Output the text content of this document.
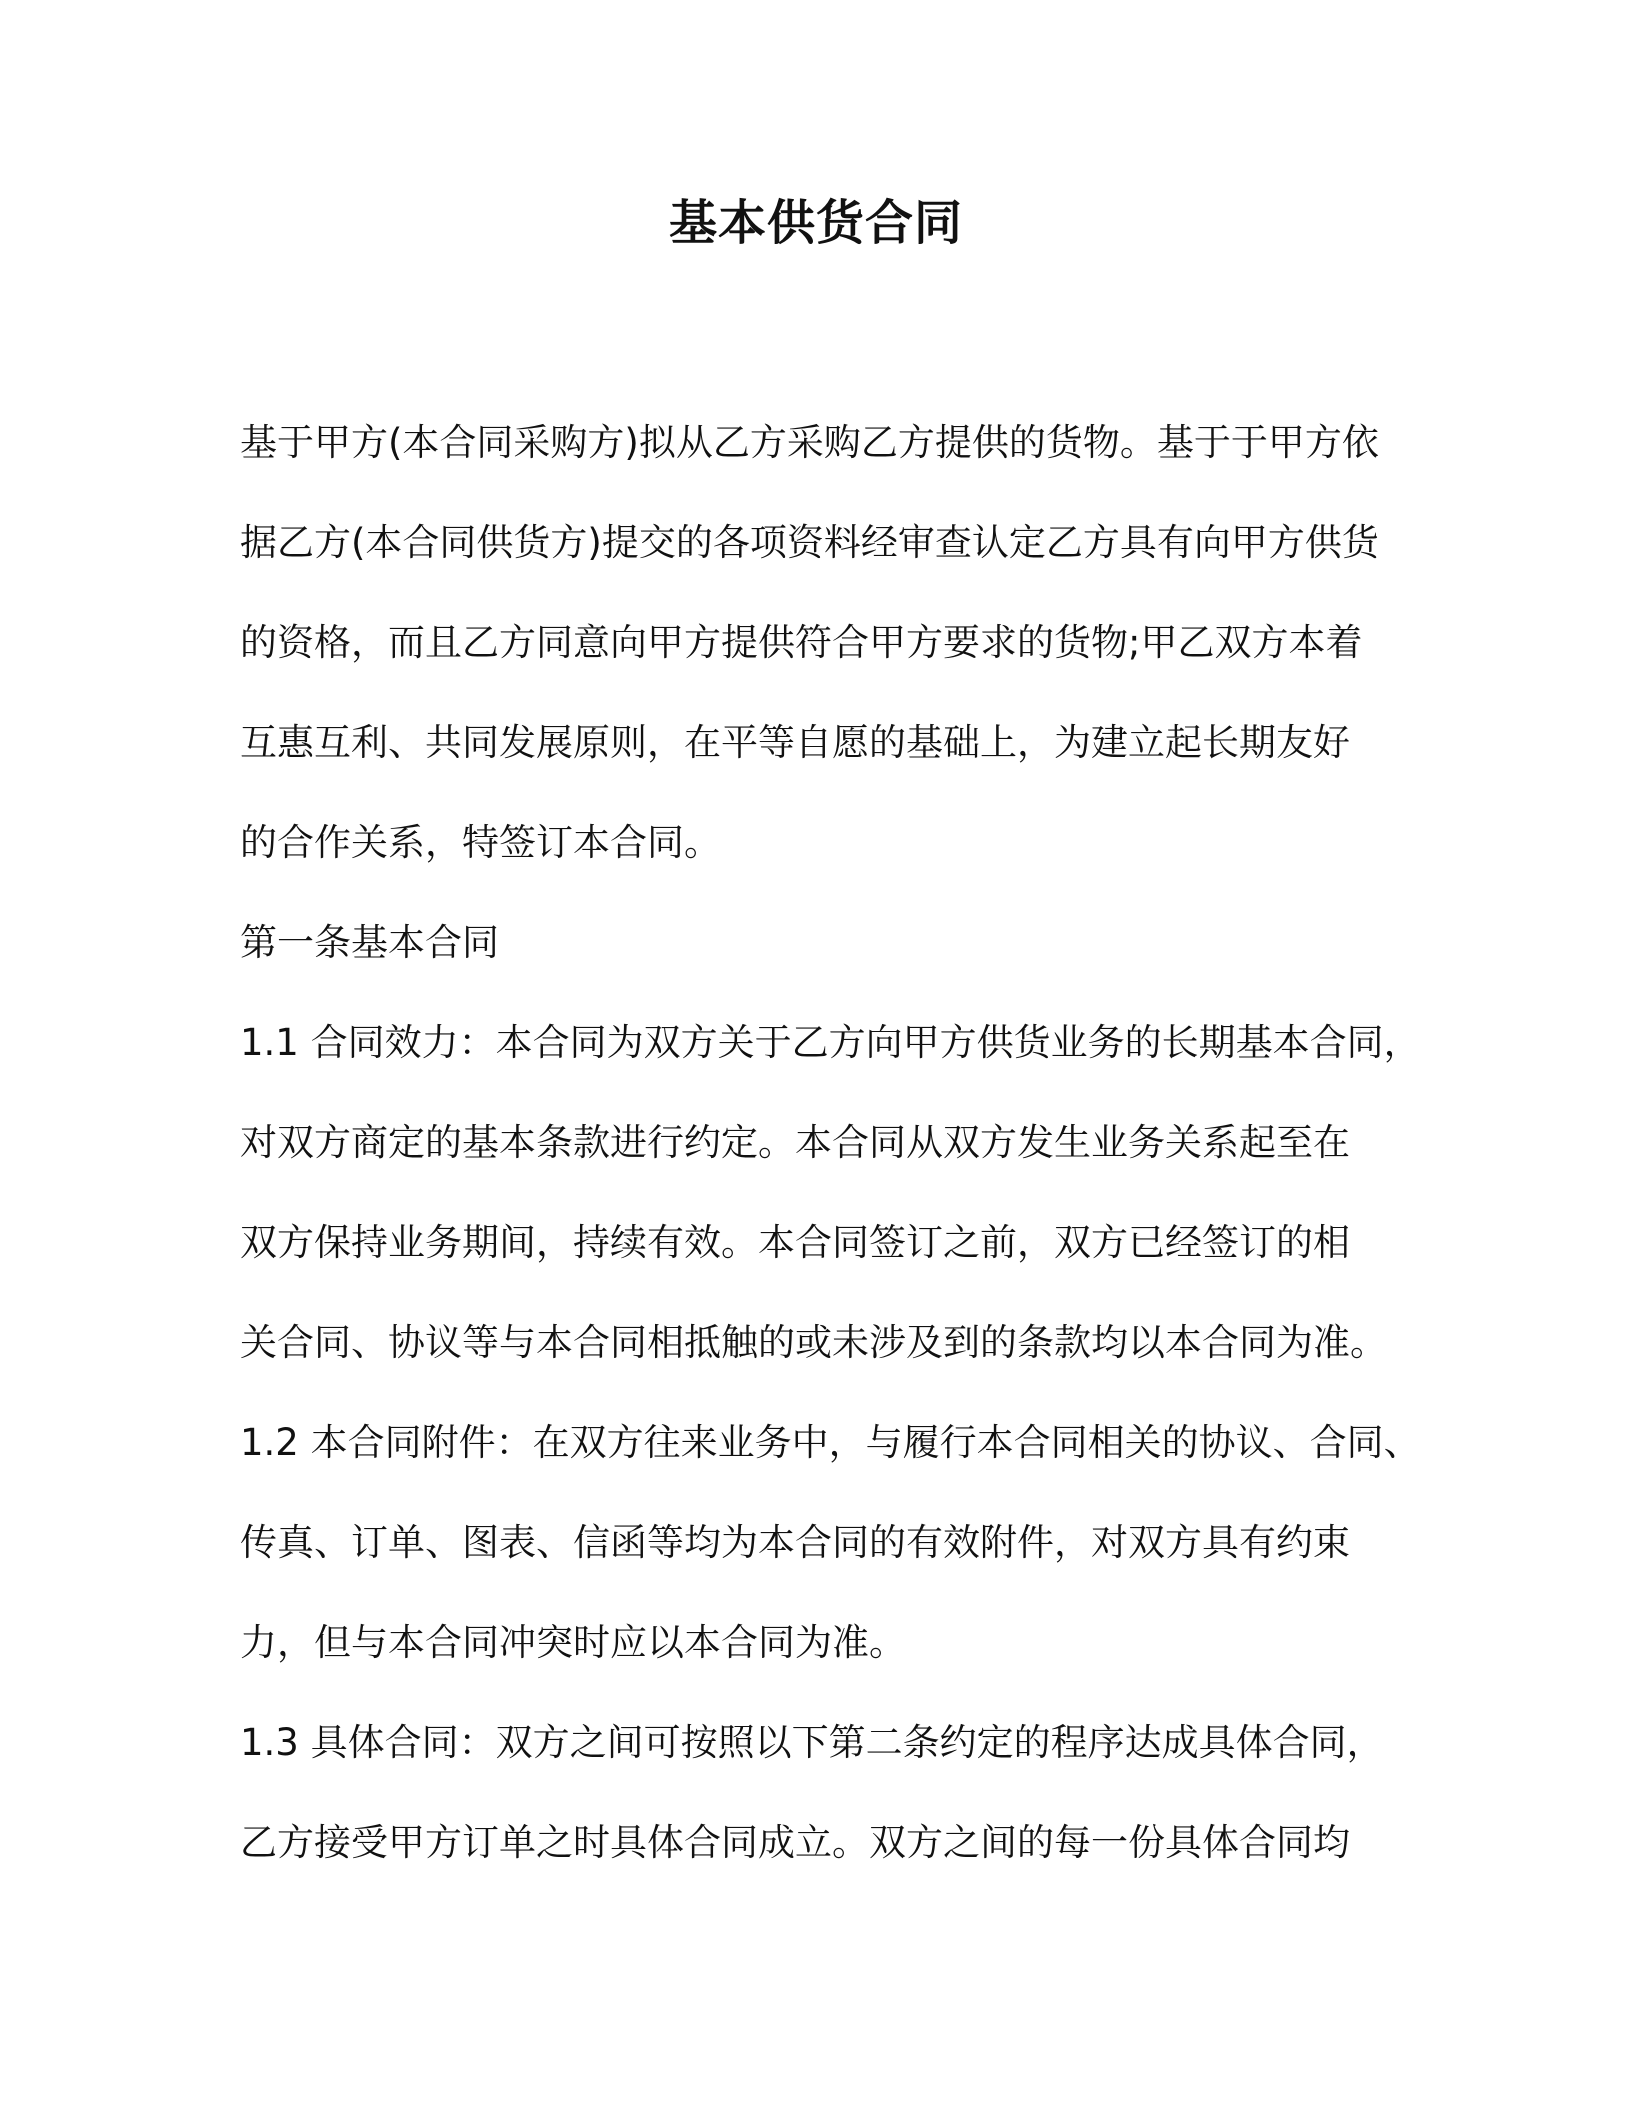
基本供货合同

基于甲方(本合同采购方)拟从乙方采购乙方提供的货物。基于于甲方依

据乙方(本合同供货方)提交的各项资料经审查认定乙方具有向甲方供货

的资格，而且乙方同意向甲方提供符合甲方要求的货物;甲乙双方本着

互惠互利、共同发展原则，在平等自愿的基础上，为建立起长期友好

的合作关系，特签订本合同。

第一条基本合同

1.1 合同效力：本合同为双方关于乙方向甲方供货业务的长期基本合同，

对双方商定的基本条款进行约定。本合同从双方发生业务关系起至在

双方保持业务期间，持续有效。本合同签订之前，双方已经签订的相

关合同、协议等与本合同相抵触的或未涉及到的条款均以本合同为准。

1.2 本合同附件：在双方往来业务中，与履行本合同相关的协议、合同、

传真、订单、图表、信函等均为本合同的有效附件，对双方具有约束

力，但与本合同冲突时应以本合同为准。

1.3 具体合同：双方之间可按照以下第二条约定的程序达成具体合同，

乙方接受甲方订单之时具体合同成立。双方之间的每一份具体合同均
